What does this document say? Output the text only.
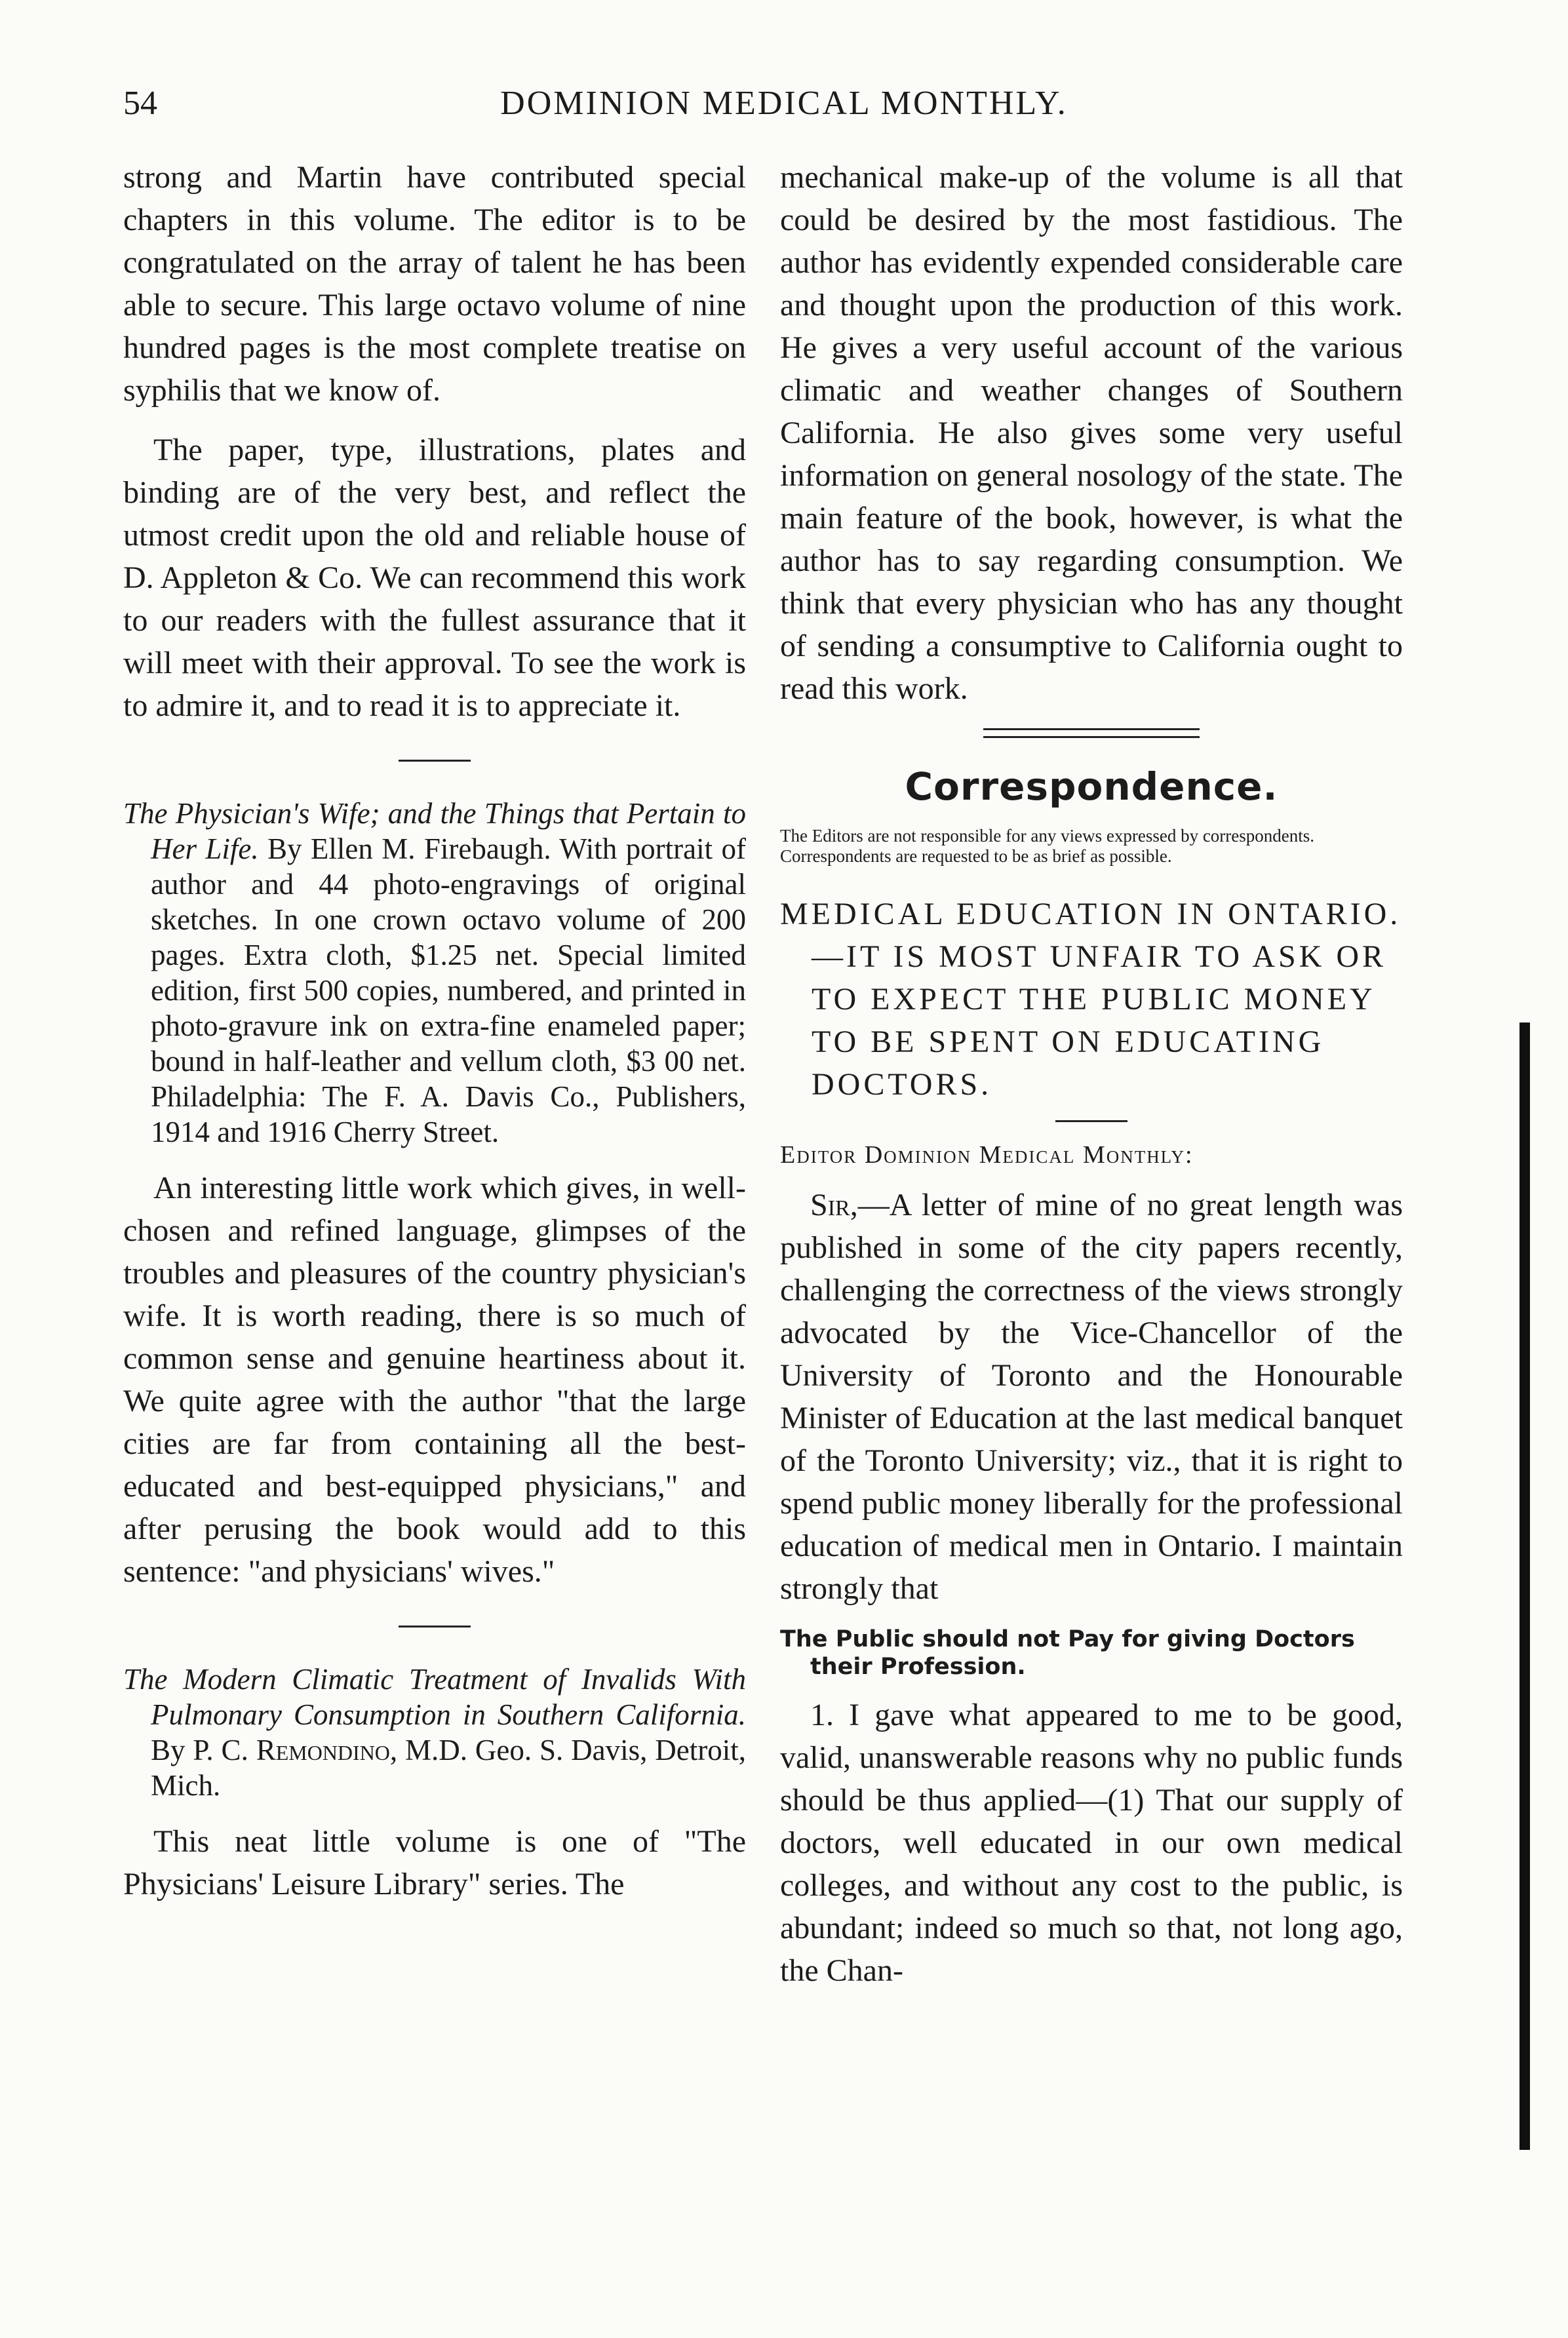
54	DOMINION MEDICAL MONTHLY.

strong and Martin have contributed special chapters in this volume. The editor is to be congratulated on the array of talent he has been able to secure. This large octavo volume of nine hundred pages is the most complete treatise on syphilis that we know of.

The paper, type, illustrations, plates and binding are of the very best, and reflect the utmost credit upon the old and reliable house of D. Appleton & Co. We can recommend this work to our readers with the fullest assurance that it will meet with their approval. To see the work is to admire it, and to read it is to appreciate it.

The Physician's Wife; and the Things that Pertain to Her Life. By Ellen M. Firebaugh. With portrait of author and 44 photo-engravings of original sketches. In one crown octavo volume of 200 pages. Extra cloth, $1.25 net. Special limited edition, first 500 copies, numbered, and printed in photo-gravure ink on extra-fine enameled paper; bound in half-leather and vellum cloth, $3 00 net. Philadelphia: The F. A. Davis Co., Publishers, 1914 and 1916 Cherry Street.

An interesting little work which gives, in well-chosen and refined language, glimpses of the troubles and pleasures of the country physician's wife. It is worth reading, there is so much of common sense and genuine heartiness about it. We quite agree with the author "that the large cities are far from containing all the best-educated and best-equipped physicians," and after perusing the book would add to this sentence: "and physicians' wives."

The Modern Climatic Treatment of Invalids With Pulmonary Consumption in Southern California. By P. C. Remondino, M.D. Geo. S. Davis, Detroit, Mich.

This neat little volume is one of "The Physicians' Leisure Library" series. The

mechanical make-up of the volume is all that could be desired by the most fastidious. The author has evidently expended considerable care and thought upon the production of this work. He gives a very useful account of the various climatic and weather changes of Southern California. He also gives some very useful information on general nosology of the state. The main feature of the book, however, is what the author has to say regarding consumption. We think that every physician who has any thought of sending a consumptive to California ought to read this work.

Correspondence.

The Editors are not responsible for any views expressed by correspondents.

Correspondents are requested to be as brief as possible.

MEDICAL EDUCATION IN ONTARIO.—IT IS MOST UNFAIR TO ASK OR TO EXPECT THE PUBLIC MONEY TO BE SPENT ON EDUCATING DOCTORS.

Editor Dominion Medical Monthly:

Sir,—A letter of mine of no great length was published in some of the city papers recently, challenging the correctness of the views strongly advocated by the Vice-Chancellor of the University of Toronto and the Honourable Minister of Education at the last medical banquet of the Toronto University; viz., that it is right to spend public money liberally for the professional education of medical men in Ontario. I maintain strongly that

The Public should not Pay for giving Doctors their Profession.

1. I gave what appeared to me to be good, valid, unanswerable reasons why no public funds should be thus applied—(1) That our supply of doctors, well educated in our own medical colleges, and without any cost to the public, is abundant; indeed so much so that, not long ago, the Chan-
